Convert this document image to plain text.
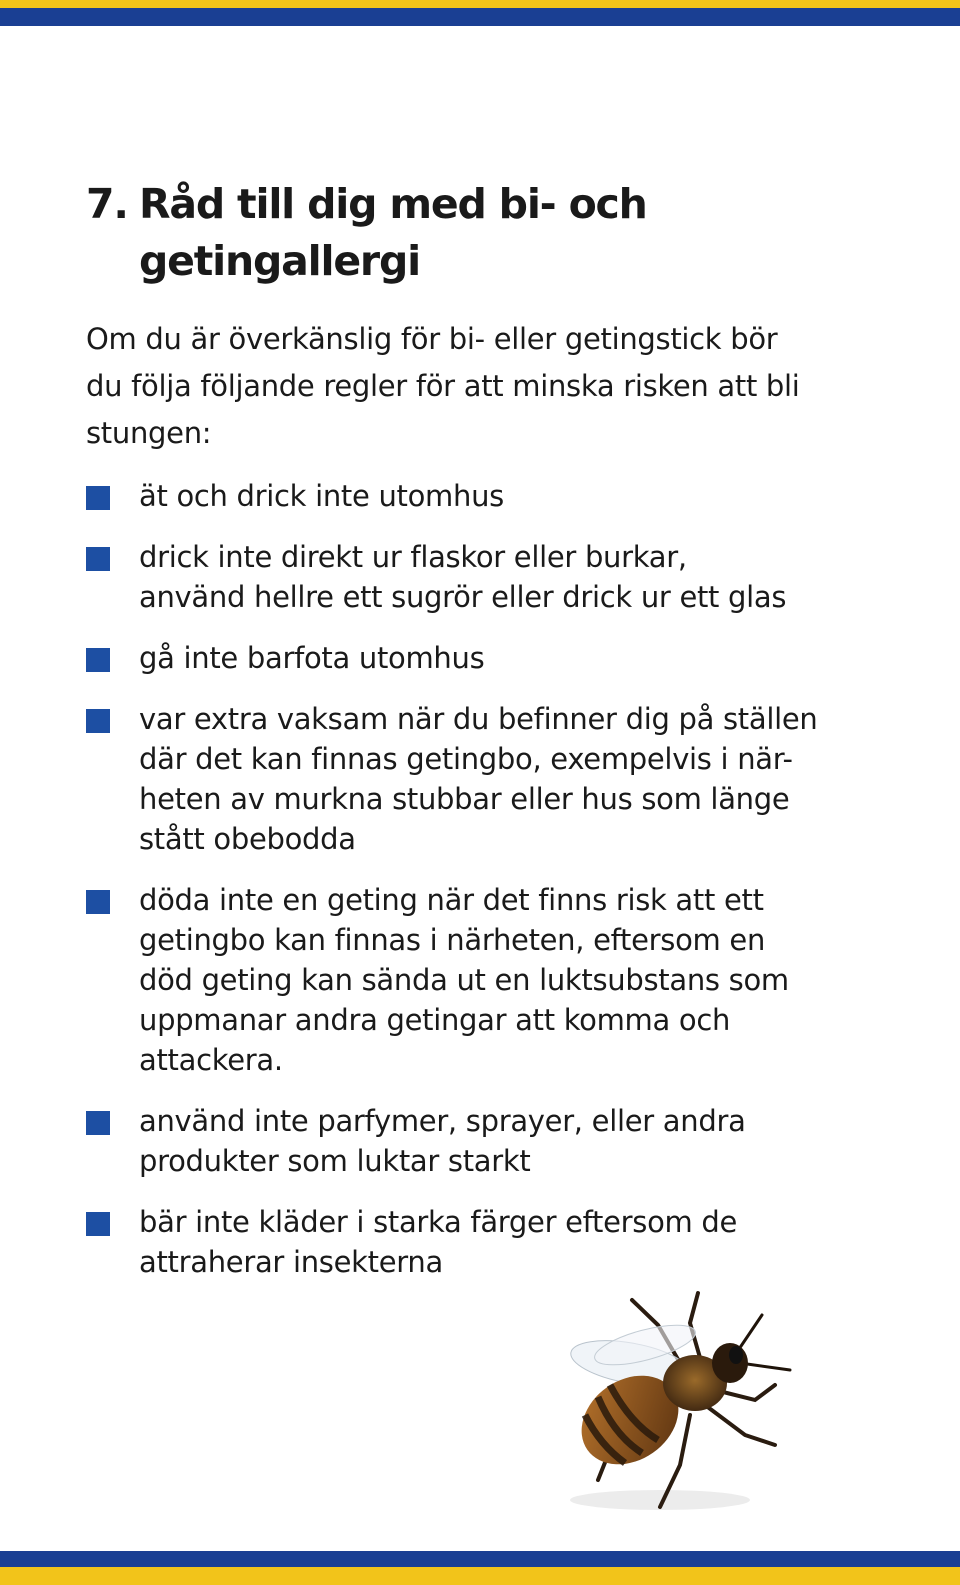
7. Råd till dig med bi- och
getingallergi

Om du är överkänslig för bi- eller getingstick bör
du följa följande regler för att minska risken att bli
stungen:

ät och drick inte utomhus
drick inte direkt ur flaskor eller burkar,
använd hellre ett sugrör eller drick ur ett glas
gå inte barfota utomhus
var extra vaksam när du befinner dig på ställen
där det kan finnas getingbo, exempelvis i när-
heten av murkna stubbar eller hus som länge
stått obebodda
döda inte en geting när det finns risk att ett
getingbo kan finnas i närheten, eftersom en
död geting kan sända ut en luktsubstans som
uppmanar andra getingar att komma och
attackera.
använd inte parfymer, sprayer, eller andra
produkter som luktar starkt
bär inte kläder i starka färger eftersom de
attraherar insekterna
